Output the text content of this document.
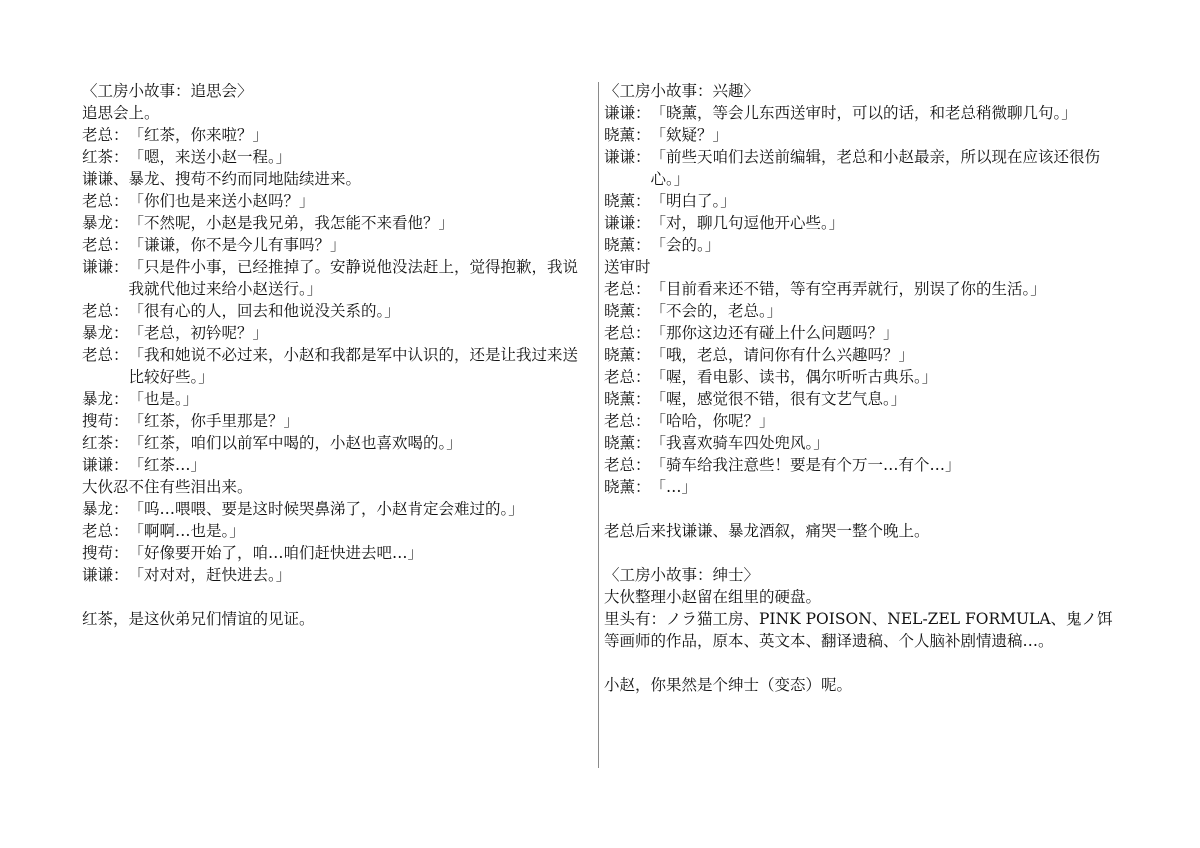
〈工房小故事：追思会〉
追思会上。
老总： 「红茶，你来啦？」
红茶： 「嗯，来送小赵一程。」
谦谦、暴龙、搜苟不约而同地陆续进来。
老总： 「你们也是来送小赵吗？」
暴龙： 「不然呢，小赵是我兄弟，我怎能不来看他？」
老总： 「谦谦，你不是今儿有事吗？」
谦谦： 「只是件小事，已经推掉了。安静说他没法赶上，觉得抱歉，我说我就代他过来给小赵送行。」
老总： 「很有心的人，回去和他说没关系的。」
暴龙： 「老总，初钤呢？」
老总： 「我和她说不必过来，小赵和我都是军中认识的，还是让我过来送比较好些。」
暴龙： 「也是。」
搜苟： 「红茶，你手里那是？」
红茶： 「红茶，咱们以前军中喝的，小赵也喜欢喝的。」
谦谦： 「红茶…」
大伙忍不住有些泪出来。
暴龙： 「呜…喂喂、要是这时候哭鼻涕了，小赵肯定会难过的。」
老总： 「啊啊…也是。」
搜苟： 「好像要开始了，咱…咱们赶快进去吧…」
谦谦： 「对对对，赶快进去。」
红茶，是这伙弟兄们情谊的见证。
〈工房小故事：兴趣〉
谦谦： 「晓薰，等会儿东西送审时，可以的话，和老总稍微聊几句。」
晓薰： 「欸疑？」
谦谦： 「前些天咱们去送前编辑，老总和小赵最亲，所以现在应该还很伤心。」
晓薰： 「明白了。」
谦谦： 「对，聊几句逗他开心些。」
晓薰： 「会的。」
送审时
老总： 「目前看来还不错，等有空再弄就行，别误了你的生活。」
晓薰： 「不会的，老总。」
老总： 「那你这边还有碰上什么问题吗？」
晓薰： 「哦，老总，请问你有什么兴趣吗？」
老总： 「喔，看电影、读书，偶尔听听古典乐。」
晓薰： 「喔，感觉很不错，很有文艺气息。」
老总： 「哈哈，你呢？」
晓薰： 「我喜欢骑车四处兜风。」
老总： 「骑车给我注意些！要是有个万一…有个…」
晓薰： 「…」
老总后来找谦谦、暴龙酒叙，痛哭一整个晚上。
〈工房小故事：绅士〉
大伙整理小赵留在组里的硬盘。
里头有：ノラ猫工房、PINK POISON、NEL-ZEL FORMULA、鬼ノ饵等画师的作品，原本、英文本、翻译遗稿、个人脑补剧情遗稿…。
小赵，你果然是个绅士（变态）呢。
